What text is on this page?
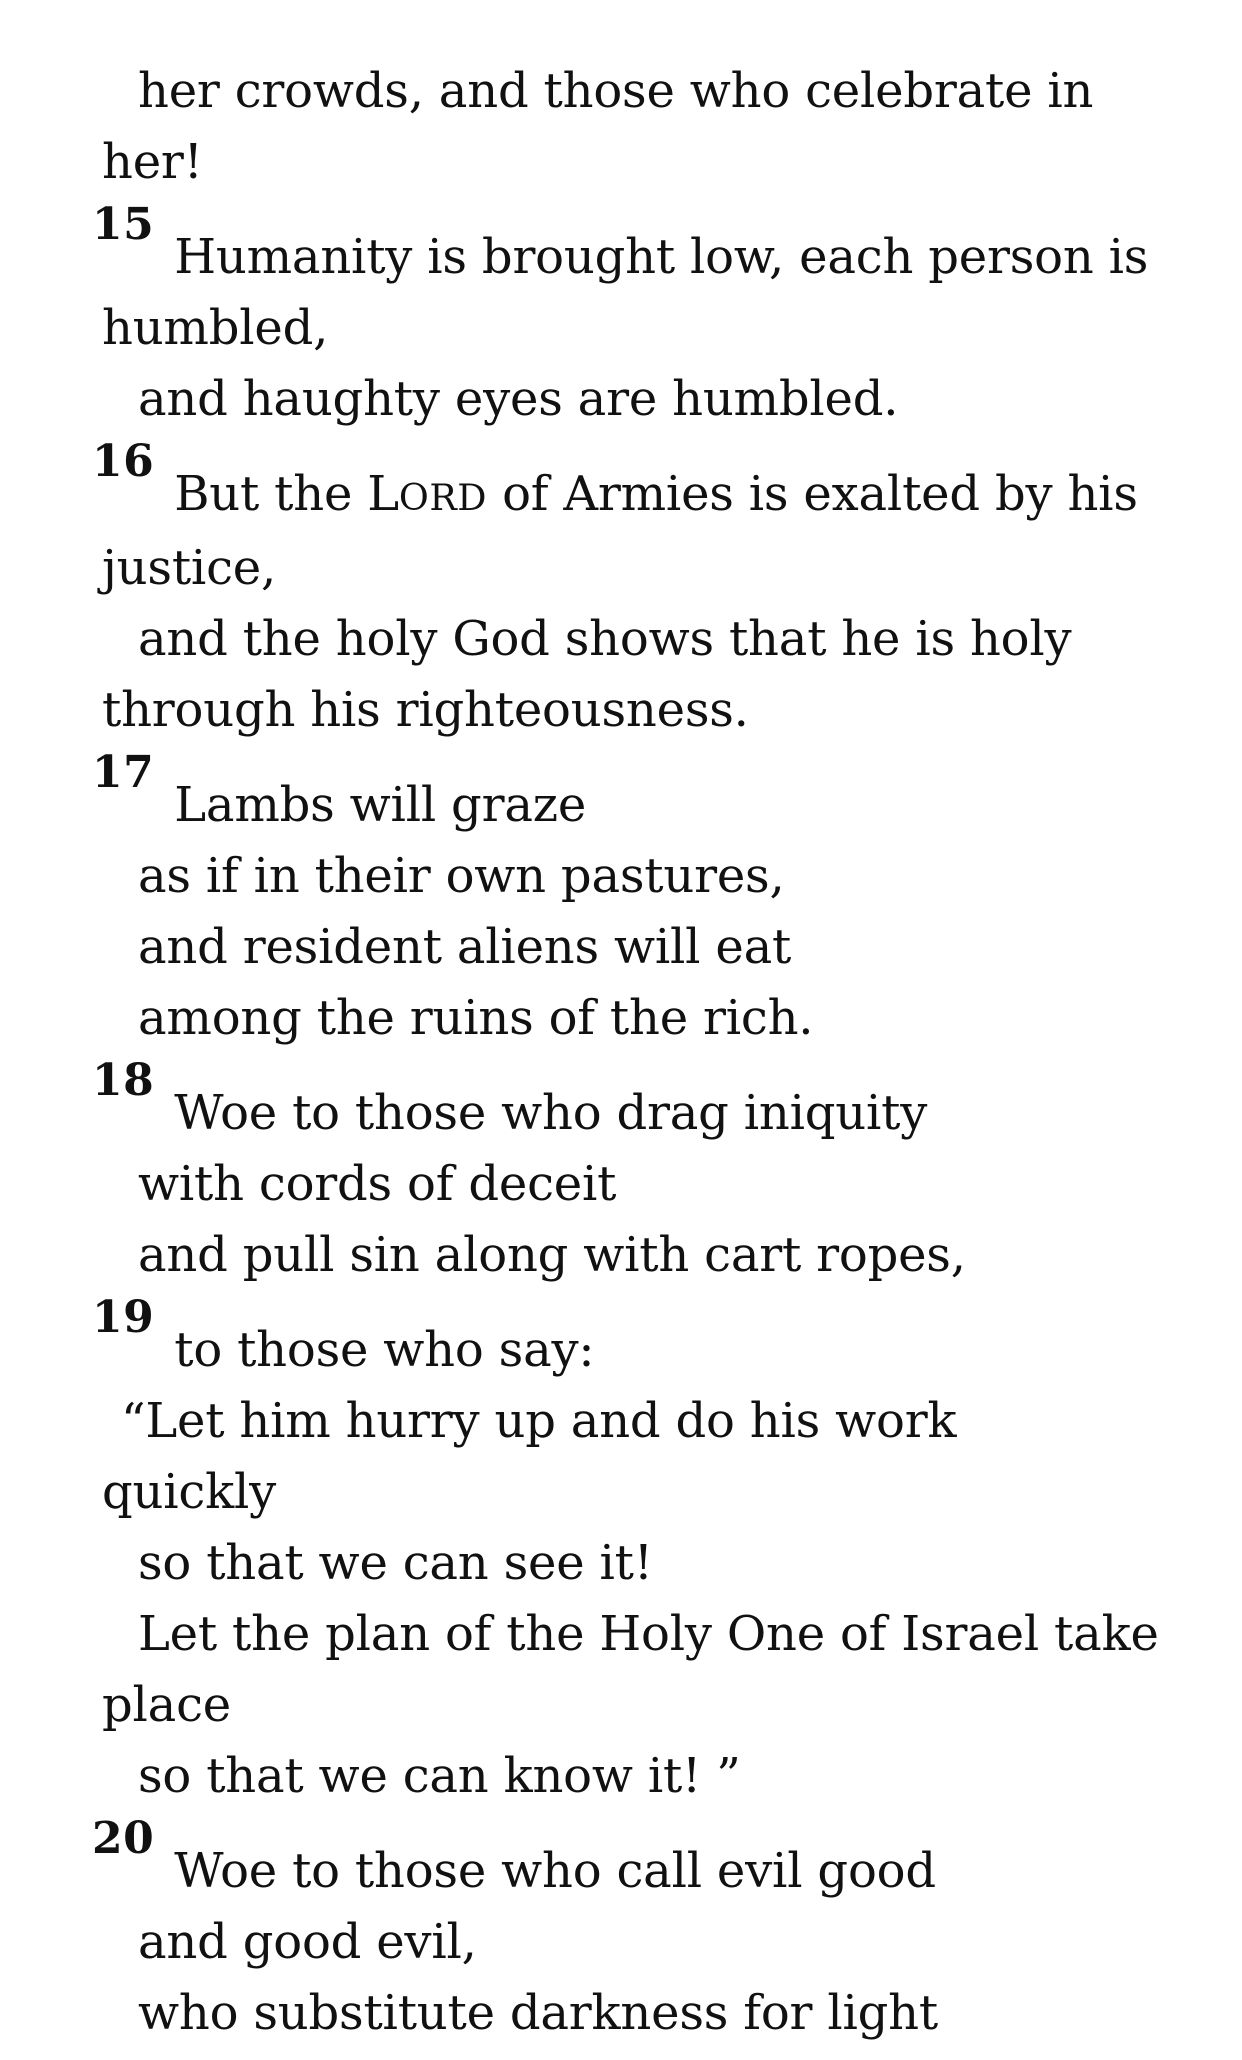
her crowds, and those who celebrate in

her!

15Humanity is brought low, each person is

humbled,

and haughty eyes are humbled.

16But the LORD of Armies is exalted by his

justice,

and the holy God shows that he is holy

through his righteousness.

17Lambs will graze

as if in their own pastures,

and resident aliens will eat

among the ruins of the rich.

18Woe to those who drag iniquity

with cords of deceit

and pull sin along with cart ropes,

19to those who say:

“Let him hurry up and do his work

quickly

so that we can see it!

Let the plan of the Holy One of Israel take

place

so that we can know it! ”

20Woe to those who call evil good

and good evil,

who substitute darkness for light
